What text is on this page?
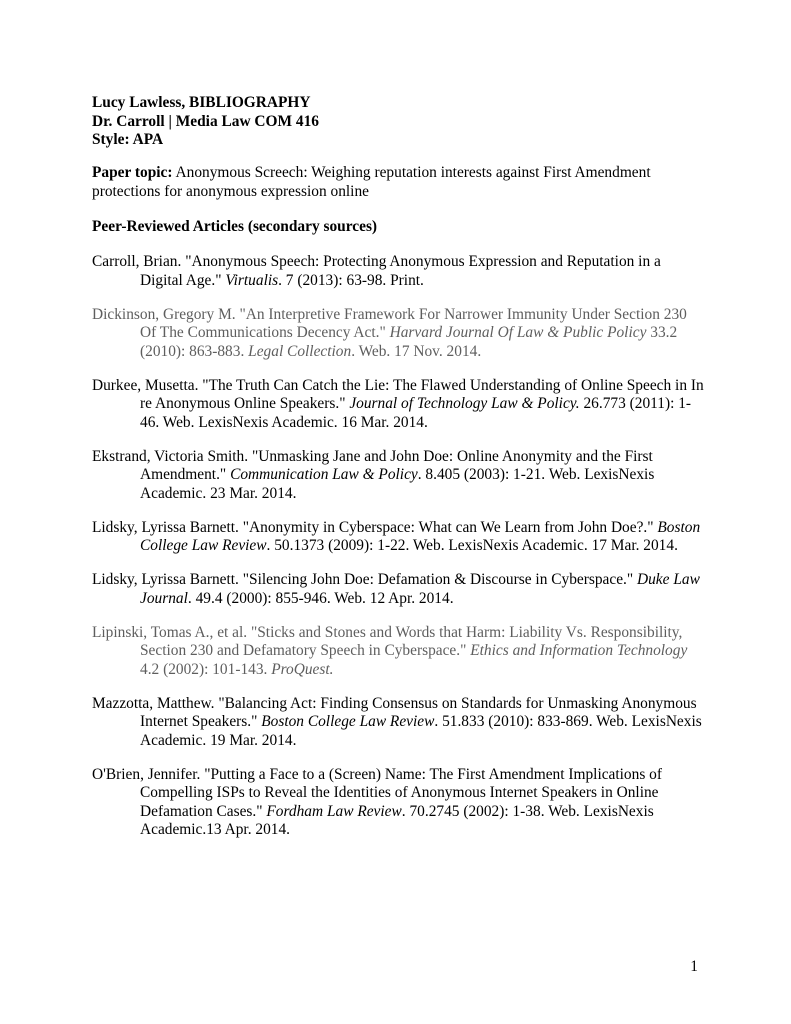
Lucy Lawless, BIBLIOGRAPHY
Dr. Carroll | Media Law COM 416
Style: APA
Paper topic: Anonymous Screech: Weighing reputation interests against First Amendment protections for anonymous expression online
Peer-Reviewed Articles (secondary sources)
Carroll, Brian. "Anonymous Speech: Protecting Anonymous Expression and Reputation in a Digital Age." Virtualis. 7 (2013): 63-98. Print.
Dickinson, Gregory M. "An Interpretive Framework For Narrower Immunity Under Section 230 Of The Communications Decency Act." Harvard Journal Of Law & Public Policy 33.2 (2010): 863-883. Legal Collection. Web. 17 Nov. 2014.
Durkee, Musetta. "The Truth Can Catch the Lie: The Flawed Understanding of Online Speech in In re Anonymous Online Speakers." Journal of Technology Law & Policy. 26.773 (2011): 1-46. Web. LexisNexis Academic. 16 Mar. 2014.
Ekstrand, Victoria Smith. "Unmasking Jane and John Doe: Online Anonymity and the First Amendment." Communication Law & Policy. 8.405 (2003): 1-21. Web. LexisNexis Academic. 23 Mar. 2014.
Lidsky, Lyrissa Barnett. "Anonymity in Cyberspace: What can We Learn from John Doe?." Boston College Law Review. 50.1373 (2009): 1-22. Web. LexisNexis Academic. 17 Mar. 2014.
Lidsky, Lyrissa Barnett. "Silencing John Doe: Defamation & Discourse in Cyberspace." Duke Law Journal. 49.4 (2000): 855-946. Web. 12 Apr. 2014.
Lipinski, Tomas A., et al. "Sticks and Stones and Words that Harm: Liability Vs. Responsibility, Section 230 and Defamatory Speech in Cyberspace." Ethics and Information Technology 4.2 (2002): 101-143. ProQuest.
Mazzotta, Matthew. "Balancing Act: Finding Consensus on Standards for Unmasking Anonymous Internet Speakers." Boston College Law Review. 51.833 (2010): 833-869. Web. LexisNexis Academic. 19 Mar. 2014.
O'Brien, Jennifer. "Putting a Face to a (Screen) Name: The First Amendment Implications of Compelling ISPs to Reveal the Identities of Anonymous Internet Speakers in Online Defamation Cases." Fordham Law Review. 70.2745 (2002): 1-38. Web. LexisNexis Academic.13 Apr. 2014.
1
